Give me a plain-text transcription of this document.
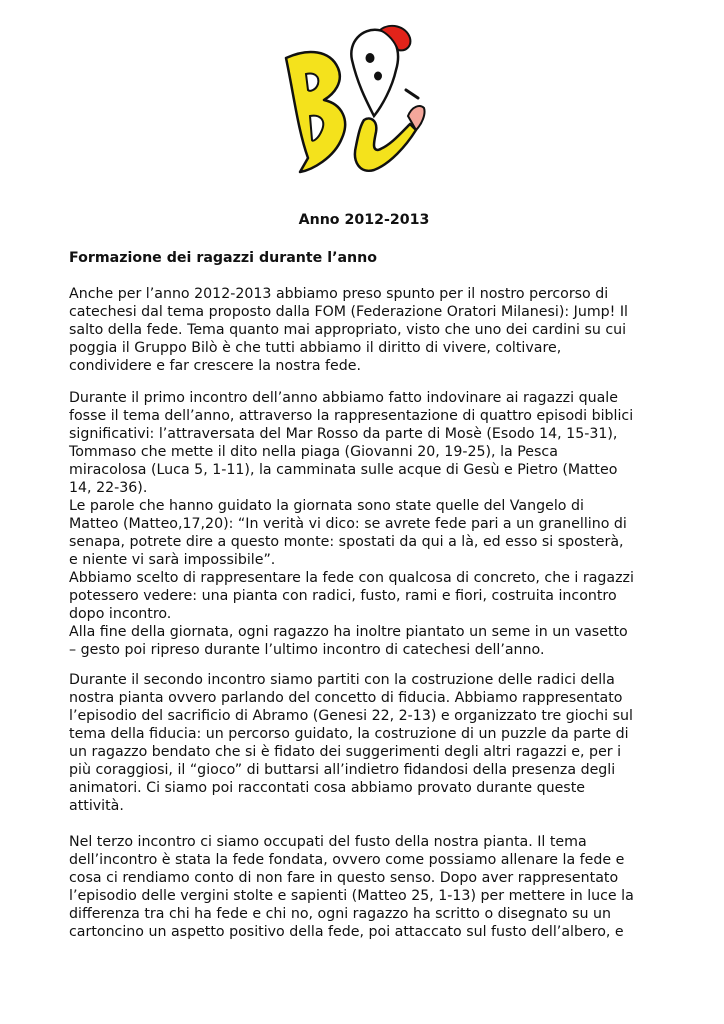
Anno 2012-2013
Formazione dei ragazzi durante l’anno

Anche per l’anno 2012-2013 abbiamo preso spunto per il nostro percorso di
catechesi dal tema proposto dalla FOM (Federazione Oratori Milanesi): Jump! Il
salto della fede. Tema quanto mai appropriato, visto che uno dei cardini su cui
poggia il Gruppo Bilò è che tutti abbiamo il diritto di vivere, coltivare,
condividere e far crescere la nostra fede.

Durante il primo incontro dell’anno abbiamo fatto indovinare ai ragazzi quale
fosse il tema dell’anno, attraverso la rappresentazione di quattro episodi biblici
significativi: l’attraversata del Mar Rosso da parte di Mosè (Esodo 14, 15-31),
Tommaso che mette il dito nella piaga (Giovanni 20, 19-25), la Pesca
miracolosa (Luca 5, 1-11), la camminata sulle acque di Gesù e Pietro (Matteo
14, 22-36).
Le parole che hanno guidato la giornata sono state quelle del Vangelo di
Matteo (Matteo,17,20): “In verità vi dico: se avrete fede pari a un granellino di
senapa, potrete dire a questo monte: spostati da qui a là, ed esso si sposterà,
e niente vi sarà impossibile”.
Abbiamo scelto di rappresentare la fede con qualcosa di concreto, che i ragazzi
potessero vedere: una pianta con radici, fusto, rami e fiori, costruita incontro
dopo incontro.
Alla fine della giornata, ogni ragazzo ha inoltre piantato un seme in un vasetto
– gesto poi ripreso durante l’ultimo incontro di catechesi dell’anno.

Durante il secondo incontro siamo partiti con la costruzione delle radici della
nostra pianta ovvero parlando del concetto di fiducia. Abbiamo rappresentato
l’episodio del sacrificio di Abramo (Genesi 22, 2-13) e organizzato tre giochi sul
tema della fiducia: un percorso guidato, la costruzione di un puzzle da parte di
un ragazzo bendato che si è fidato dei suggerimenti degli altri ragazzi e, per i
più coraggiosi, il “gioco” di buttarsi all’indietro fidandosi della presenza degli
animatori. Ci siamo poi raccontati cosa abbiamo provato durante queste
attività.

Nel terzo incontro ci siamo occupati del fusto della nostra pianta. Il tema
dell’incontro è stata la fede fondata, ovvero come possiamo allenare la fede e
cosa ci rendiamo conto di non fare in questo senso. Dopo aver rappresentato
l’episodio delle vergini stolte e sapienti (Matteo 25, 1-13) per mettere in luce la
differenza tra chi ha fede e chi no, ogni ragazzo ha scritto o disegnato su un
cartoncino un aspetto positivo della fede, poi attaccato sul fusto dell’albero, e
